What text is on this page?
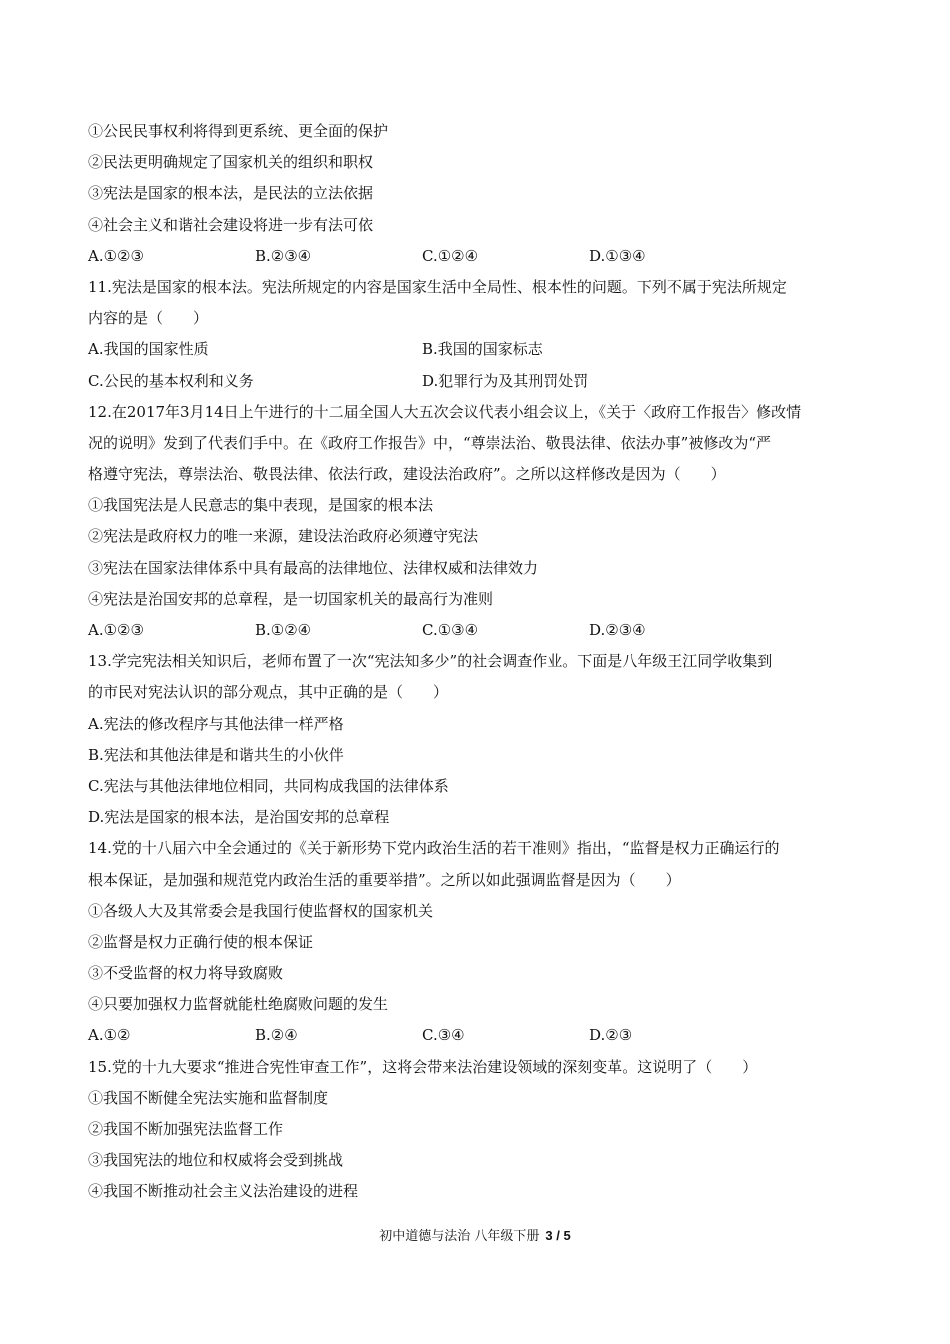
①公民民事权利将得到更系统、更全面的保护
②民法更明确规定了国家机关的组织和职权
③宪法是国家的根本法，是民法的立法依据
④社会主义和谐社会建设将进一步有法可依
A.①②③	B.②③④	C.①②④	D.①③④
11.宪法是国家的根本法。宪法所规定的内容是国家生活中全局性、根本性的问题。下列不属于宪法所规定
内容的是（　　）
A.我国的国家性质	B.我国的国家标志
C.公民的基本权利和义务	D.犯罪行为及其刑罚处罚
12.在2017年3月14日上午进行的十二届全国人大五次会议代表小组会议上，《关于〈政府工作报告〉修改情
况的说明》发到了代表们手中。在《政府工作报告》中，“尊崇法治、敬畏法律、依法办事”被修改为“严
格遵守宪法，尊崇法治、敬畏法律、依法行政，建设法治政府”。之所以这样修改是因为（　　）
①我国宪法是人民意志的集中表现，是国家的根本法
②宪法是政府权力的唯一来源，建设法治政府必须遵守宪法
③宪法在国家法律体系中具有最高的法律地位、法律权威和法律效力
④宪法是治国安邦的总章程，是一切国家机关的最高行为准则
A.①②③	B.①②④	C.①③④	D.②③④
13.学完宪法相关知识后，老师布置了一次“宪法知多少”的社会调查作业。下面是八年级王江同学收集到
的市民对宪法认识的部分观点，其中正确的是（　　）
A.宪法的修改程序与其他法律一样严格
B.宪法和其他法律是和谐共生的小伙伴
C.宪法与其他法律地位相同，共同构成我国的法律体系
D.宪法是国家的根本法，是治国安邦的总章程
14.党的十八届六中全会通过的《关于新形势下党内政治生活的若干准则》指出，“监督是权力正确运行的
根本保证，是加强和规范党内政治生活的重要举措”。之所以如此强调监督是因为（　　）
①各级人大及其常委会是我国行使监督权的国家机关
②监督是权力正确行使的根本保证
③不受监督的权力将导致腐败
④只要加强权力监督就能杜绝腐败问题的发生
A.①②	B.②④	C.③④	D.②③
15.党的十九大要求“推进合宪性审查工作”，这将会带来法治建设领域的深刻变革。这说明了（　　）
①我国不断健全宪法实施和监督制度
②我国不断加强宪法监督工作
③我国宪法的地位和权威将会受到挑战
④我国不断推动社会主义法治建设的进程
初中道德与法治 八年级下册 3 / 5
